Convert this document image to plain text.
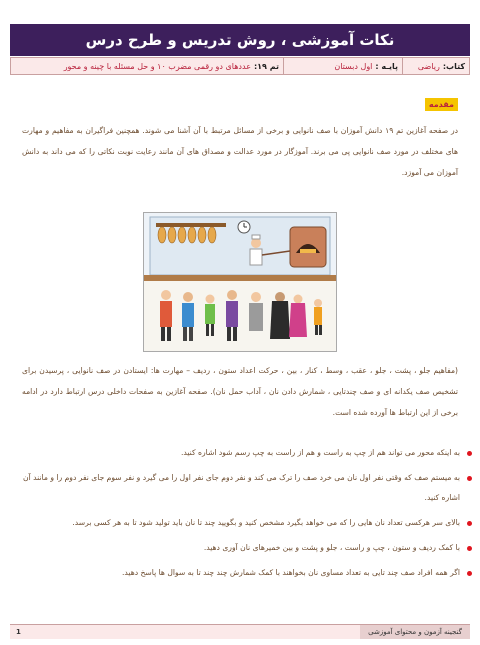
نکات آموزشی ، روش تدریس و طرح درس
کتاب:
ریاضی
پایـه :
اول دبستان
تم ۱۹:
عددهای دو رقمی مضرب ۱۰ و حل مسئله با چینه و محور
مقدمه
در صفحه آغازین تم ۱۹ دانش آموزان با صف نانوایی و برخی از مسائل مرتبط با آن آشنا می شوند. همچنین فراگیران به مفاهیم و مهارت های مختلف در مورد صف نانوایی پی می برند. آموزگار در مورد عدالت و مصداق های آن مانند رعایت نوبت نکاتی را که می داند به دانش آموزان می آموزد.
(مفاهیم جلو ، پشت ، جلو ، عقب ، وسط ، کنار ، بین ، حرکت اعداد ستون ، ردیف – مهارت ها: ایستادن در صف نانوایی ، پرسیدن برای تشخیص صف یکدانه ای و صف چندتایی ، شمارش دادن نان ، آداب حمل نان). صفحه آغازین به صفحات داخلی درس ارتباط دارد در ادامه برخی از این ارتباط ها آورده شده است.
به اینکه محور می تواند هم از چپ به راست و هم از راست به چپ رسم شود اشاره کنید.
به میستم صف که وقتی نفر اول نان می خرد صف را ترک می کند و نفر دوم جای نفر اول را می گیرد و نفر سوم جای نفر دوم را و مانند آن اشاره کنید.
بالای سر هرکسی تعداد نان هایی را که می خواهد بگیرد مشخص کنید و بگویید چند تا نان باید تولید شود تا به هر کسی برسد.
با کمک ردیف و ستون ، چپ و راست ، جلو و پشت و بین خمیرهای نان آوری دهید.
اگر همه افراد صف چند تایی به تعداد مساوی نان بخواهند با کمک شمارش چند چند تا به سوال ها پاسخ دهید.
1	گنجینه آزمون و محتوای آموزشی
